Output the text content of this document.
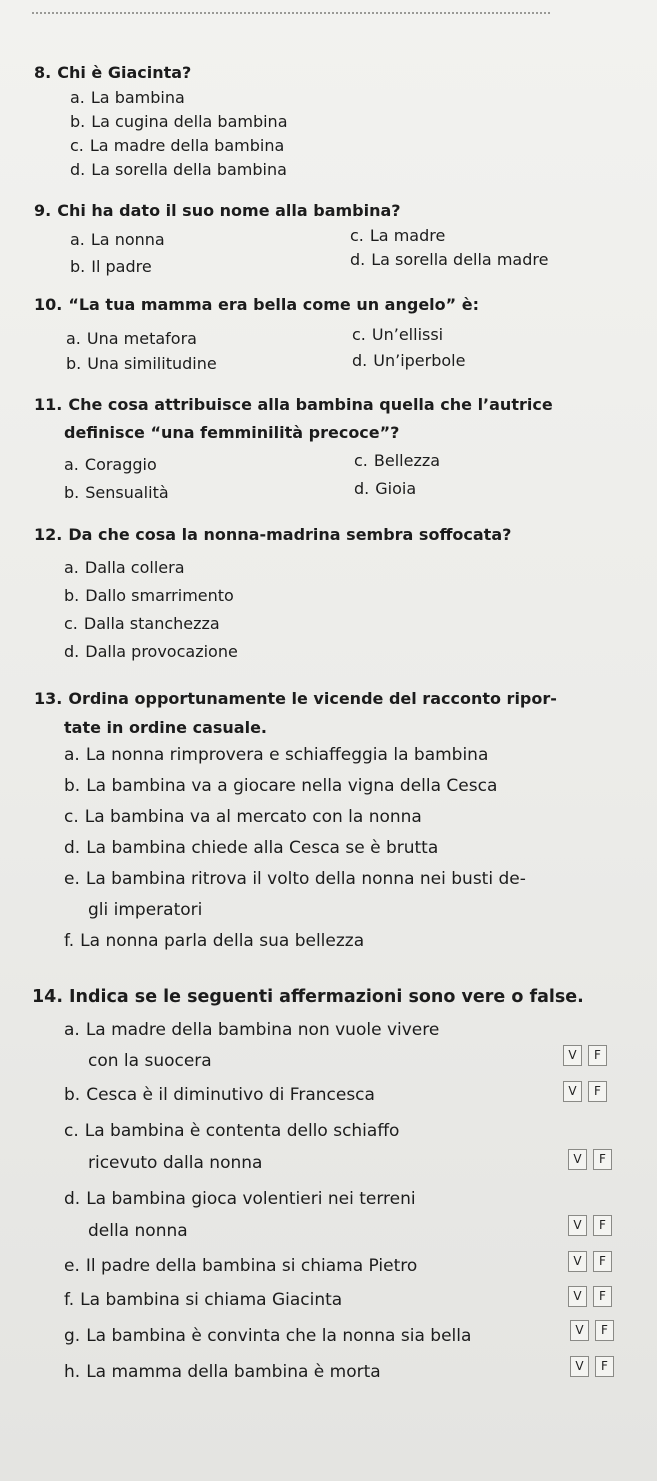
8. Chi è Giacinta?
a. La bambina
b. La cugina della bambina
c. La madre della bambina
d. La sorella della bambina
9. Chi ha dato il suo nome alla bambina?
a. La nonna
b. Il padre
c. La madre
d. La sorella della madre
10. “La tua mamma era bella come un angelo” è:
a. Una metafora
b. Una similitudine
c. Un’ellissi
d. Un’iperbole
11. Che cosa attribuisce alla bambina quella che l’autrice
definisce “una femminilità precoce”?
a. Coraggio
b. Sensualità
c. Bellezza
d. Gioia
12. Da che cosa la nonna-madrina sembra soffocata?
a. Dalla collera
b. Dallo smarrimento
c. Dalla stanchezza
d. Dalla provocazione
13. Ordina opportunamente le vicende del racconto ripor-
tate in ordine casuale.
a. La nonna rimprovera e schiaffeggia la bambina
b. La bambina va a giocare nella vigna della Cesca
c. La bambina va al mercato con la nonna
d. La bambina chiede alla Cesca se è brutta
e. La bambina ritrova il volto della nonna nei busti de-
gli imperatori
f. La nonna parla della sua bellezza
14. Indica se le seguenti affermazioni sono vere o false.
a. La madre della bambina non vuole vivere
con la suocera	V	F
b. Cesca è il diminutivo di Francesca	V	F
c. La bambina è contenta dello schiaffo
ricevuto dalla nonna	V	F
d. La bambina gioca volentieri nei terreni
della nonna	V	F
e. Il padre della bambina si chiama Pietro	V	F
f. La bambina si chiama Giacinta	V	F
g. La bambina è convinta che la nonna sia bella	V	F
h. La mamma della bambina è morta	V	F
